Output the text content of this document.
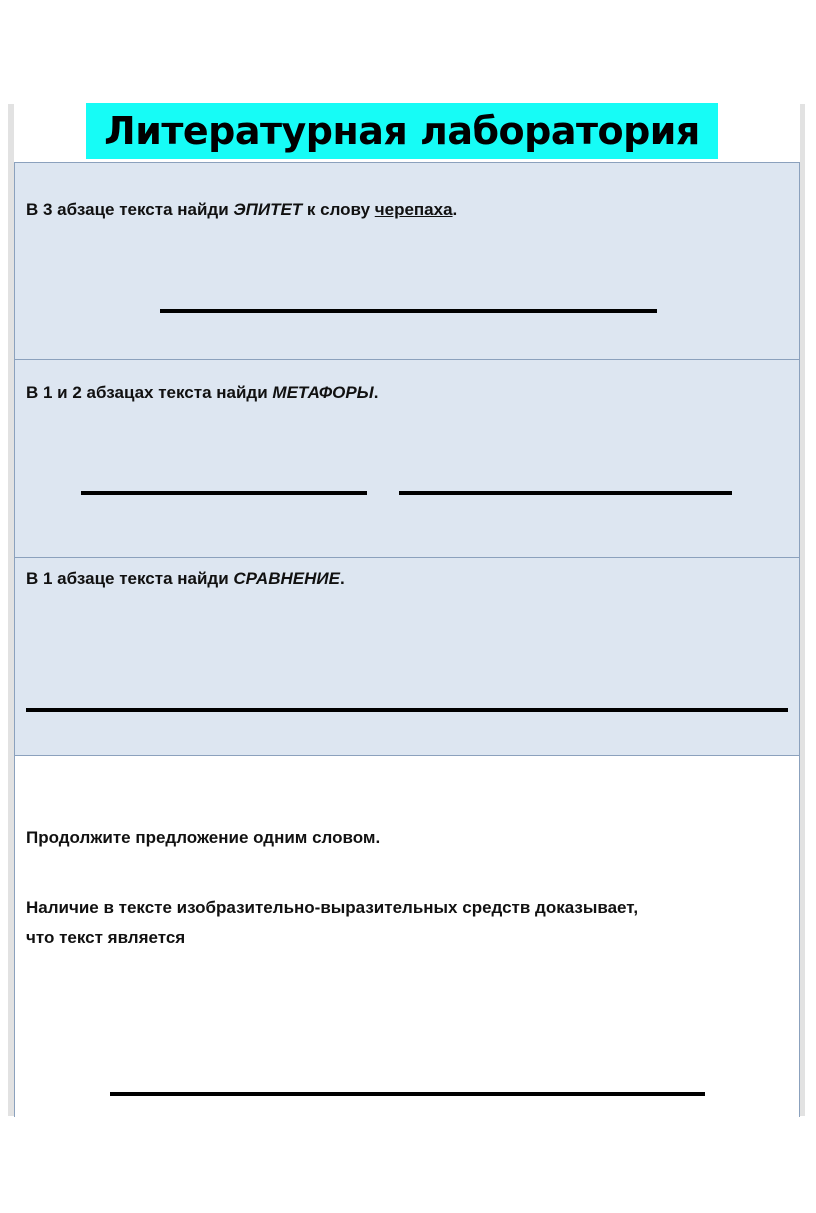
Литературная лаборатория
В 3 абзаце текста найди ЭПИТЕТ к слову черепаха.
В 1 и 2 абзацах текста найди МЕТАФОРЫ.
В 1 абзаце текста найди СРАВНЕНИЕ.
Продолжите предложение одним словом.
Наличие в тексте изобразительно-выразительных средств доказывает,
что текст является
